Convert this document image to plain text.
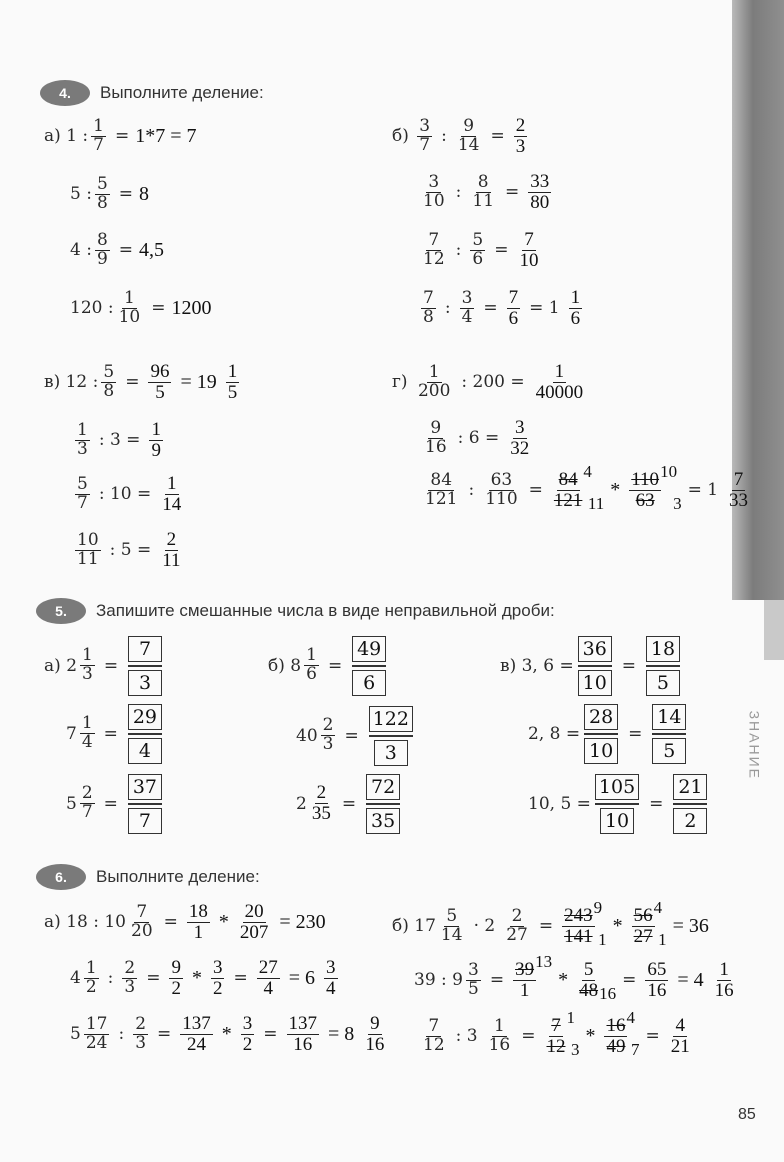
ЗНАНИЕ
85
4.	Выполните деление:
а)
1 : $\frac{1}{7} = 1*7 = 7$
5 : $\frac{5}{8} = 8$
4 : $\frac{8}{9} = 4,5$
120 : $\frac{1}{10} = 1200$
б)
$\frac{3}{7}$ : $\frac{9}{14} = \frac{2}{3}$
$\frac{3}{10}$ : $\frac{8}{11} = \frac{33}{80}$
$\frac{7}{12}$ : $\frac{5}{6} = \frac{7}{10}$
$\frac{7}{8}$ : $\frac{3}{4} = \frac{7}{6} = 1 \frac{1}{6}$
в)
12 : $\frac{5}{8} = \frac{96}{5} = 19 \frac{1}{5}$
$\frac{1}{3}$ : $3 = \frac{1}{9}$
$\frac{5}{7}$ : $10 = \frac{1}{14}$
$\frac{10}{11}$ : $5 = \frac{2}{11}$
г)
$\frac{1}{200}$ : $200 = \frac{1}{40000}$
$\frac{9}{16}$ : $6 = \frac{3}{32}$
$\frac{84}{121}$ : $\frac{63}{110} = \frac{84}{121} 4$
11
* $\frac{110}{63} 10$
3
= $1 \frac{7}{33}$
5.	Запишите смешанные числа в виде неправильной дроби:
а)
$2 \frac{1}{3} = \frac{7}{3}$
$7 \frac{1}{4} = \frac{29}{4}$
$5 \frac{2}{7} = \frac{37}{7}$
б)
$8 \frac{1}{6} = \frac{49}{6}$
$40 \frac{2}{3} = \frac{122}{3}$
$2 \frac{2}{35} = \frac{72}{35}$
в)
3, $6 = \frac{36}{10} = \frac{18}{5}$
2, $8 = \frac{28}{10} = \frac{14}{5}$
10, $5 = \frac{105}{10} = \frac{21}{2}$
6.	Выполните деление:
а)
18 : $10 \frac{7}{20} = \frac{18}{1} * \frac{20}{207} = 230$
$4 \frac{1}{2}$ : $\frac{2}{3} = \frac{9}{2} * \frac{3}{2} = \frac{27}{4} = 6 \frac{3}{4}$
$5 \frac{17}{24}$ : $\frac{2}{3} = \frac{137}{24} * \frac{3}{2} = \frac{137}{16} = 8 \frac{9}{16}$
б)
$17 \frac{5}{14} \cdot 2 \frac{2}{27} = \frac{243}{141} 9$
1
* $\frac{56}{27} 4$
1
= 36
39 : $9 \frac{3}{5} = \frac{39}{1} 13$
* $\frac{5}{48} 16$
= $\frac{65}{16} = 4 \frac{1}{16}$
$\frac{7}{12}$ : $3 \frac{1}{16} = \frac{7}{12} 1$
3
* $\frac{16}{49} 4$
7
= $\frac{4}{21}$
